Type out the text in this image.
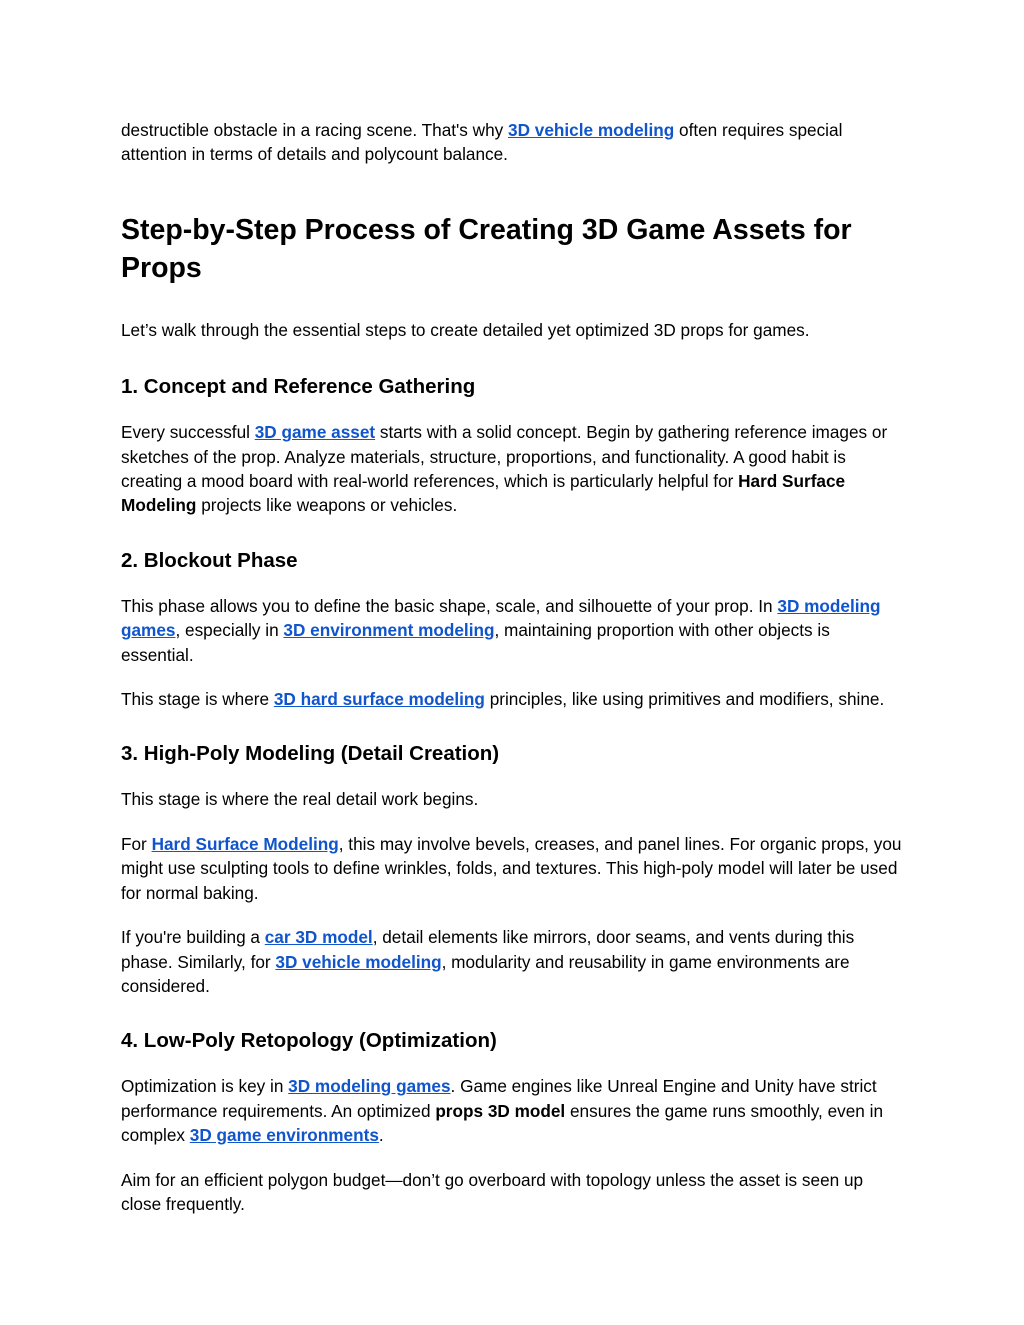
destructible obstacle in a racing scene. That's why 3D vehicle modeling often requires special attention in terms of details and polycount balance.

Step-by-Step Process of Creating 3D Game Assets for Props

Let’s walk through the essential steps to create detailed yet optimized 3D props for games.

1. Concept and Reference Gathering

Every successful 3D game asset starts with a solid concept. Begin by gathering reference images or sketches of the prop. Analyze materials, structure, proportions, and functionality. A good habit is creating a mood board with real-world references, which is particularly helpful for Hard Surface Modeling projects like weapons or vehicles.

2. Blockout Phase

This phase allows you to define the basic shape, scale, and silhouette of your prop. In 3D modeling games, especially in 3D environment modeling, maintaining proportion with other objects is essential.

This stage is where 3D hard surface modeling principles, like using primitives and modifiers, shine.

3. High-Poly Modeling (Detail Creation)

This stage is where the real detail work begins.

For Hard Surface Modeling, this may involve bevels, creases, and panel lines. For organic props, you might use sculpting tools to define wrinkles, folds, and textures. This high-poly model will later be used for normal baking.

If you're building a car 3D model, detail elements like mirrors, door seams, and vents during this phase. Similarly, for 3D vehicle modeling, modularity and reusability in game environments are considered.

4. Low-Poly Retopology (Optimization)

Optimization is key in 3D modeling games. Game engines like Unreal Engine and Unity have strict performance requirements. An optimized props 3D model ensures the game runs smoothly, even in complex 3D game environments.

Aim for an efficient polygon budget—don’t go overboard with topology unless the asset is seen up close frequently.
